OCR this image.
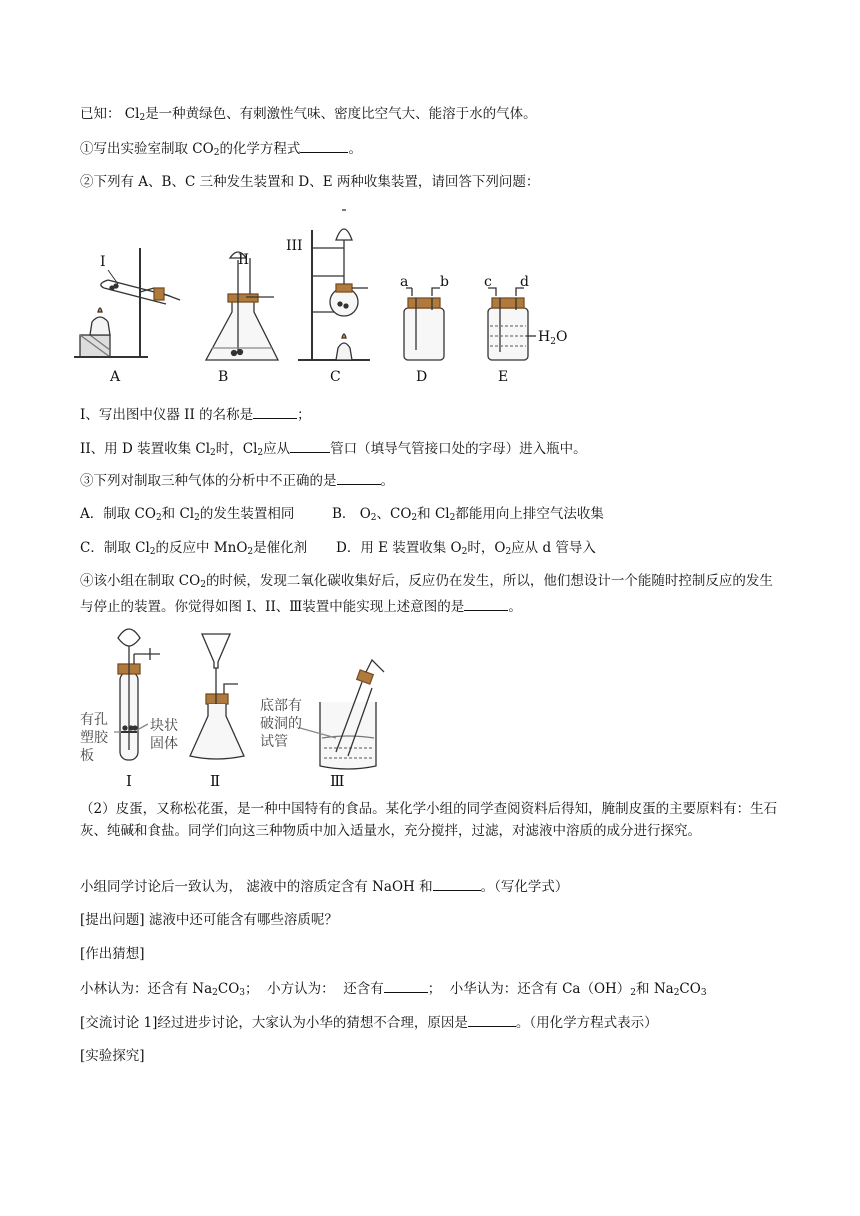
已知： $Cl_2$是一种黄绿色、有刺激性气味、密度比空气大、能溶于水的气体。
①写出实验室制取 $CO_2$的化学方程式	。
②下列有 A、B、C 三种发生装置和 D、E 两种收集装置，请回答下列问题：
A	B	C	D	E
I	II
III
a b	c d
$H_2O$
Ⅰ、写出图中仪器 II 的名称是	；
II、用 D 装置收集 $Cl_2$时，$Cl_2$应从	管口（填导气管接口处的字母）进入瓶中。
③下列对制取三种气体的分析中不正确的是	。
A．制取 $CO_2$和 $Cl_2$的发生装置相同	B． $O_2$、$CO_2$和 $Cl_2$都能用向上排空气法收集
C．制取 $Cl_2$的反应中 MnO$_2$是催化剂 D．用 E 装置收集 $O_2$时，$O_2$应从 d 管导入
④该小组在制取 $CO_2$的时候，发现二氧化碳收集好后，反应仍在发生，所以，他们想设计一个能随时控制反应的发生与停止的装置。你觉得如图 I、II、Ⅲ装置中能实现上述意图的是	。
有孔
塑胶
板
块状
固体
底部有
破洞的
试管
Ⅰ	Ⅱ	Ⅲ
（2）皮蛋，又称松花蛋，是一种中国特有的食品。某化学小组的同学查阅资料后得知，腌制皮蛋的主要原料有：生石灰、纯碱和食盐。同学们向这三种物质中加入适量水，充分搅拌，过滤，对滤液中溶质的成分进行探究。
小组同学讨论后一致认为， 滤液中的溶质定含有 NaOH 和	。（写化学式）
[提出问题] 滤液中还可能含有哪些溶质呢？
[作出猜想]
小林认为：还含有 $Na_2CO_3$；  小方认为：  还含有	；  小华认为：还含有 $Ca(OH)_2$和 $Na_2CO_3$
[交流讨论 1]经过进步讨论，大家认为小华的猜想不合理，原因是	。（用化学方程式表示）
[实验探究]
